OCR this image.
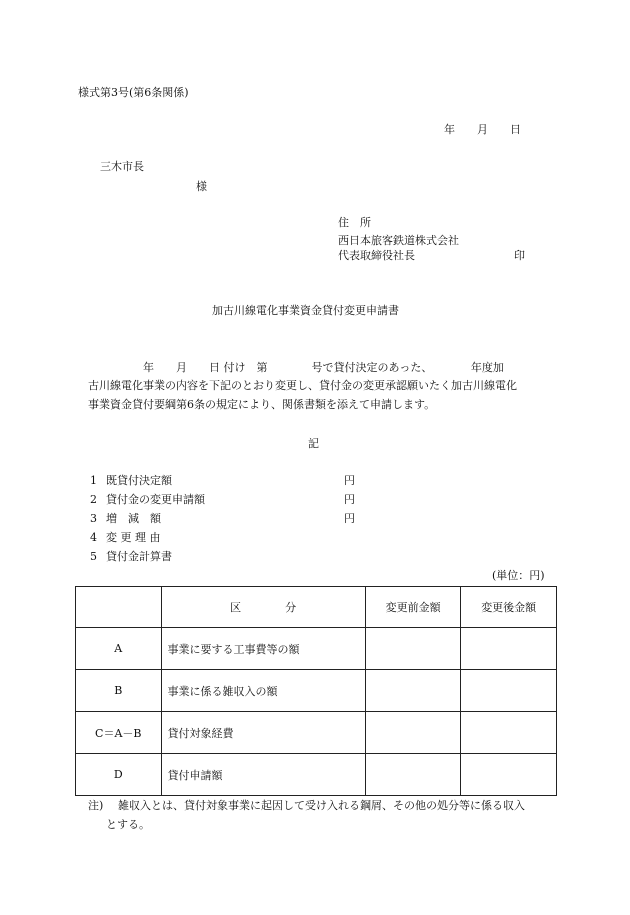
様式第3号(第6条関係)
年　　月　　日
三木市長
様
住　所
西日本旅客鉄道株式会社
代表取締役社長	印
加古川線電化事業資金貸付変更申請書
　　　　　年　　月　　日 付け　第　　　　号で貸付決定のあった、　　　　年度加
古川線電化事業の内容を下記のとおり変更し、貸付金の変更承認願いたく加古川線電化
事業資金貸付要綱第6条の規定により、関係書類を添えて申請します。
記
1 既貸付決定額	円
2 貸付金の変更申請額	円
3 増　減　額	円
4 変 更 理 由
5 貸付金計算書
(単位：円)
	区　　　　分	変更前金額	変更後金額
A	事業に要する工事費等の額		
B	事業に係る雑収入の額		
C＝A－B	貸付対象経費		
D	貸付申請額		
注) 雑収入とは、貸付対象事業に起因して受け入れる鋼屑、その他の処分等に係る収入
とする。
